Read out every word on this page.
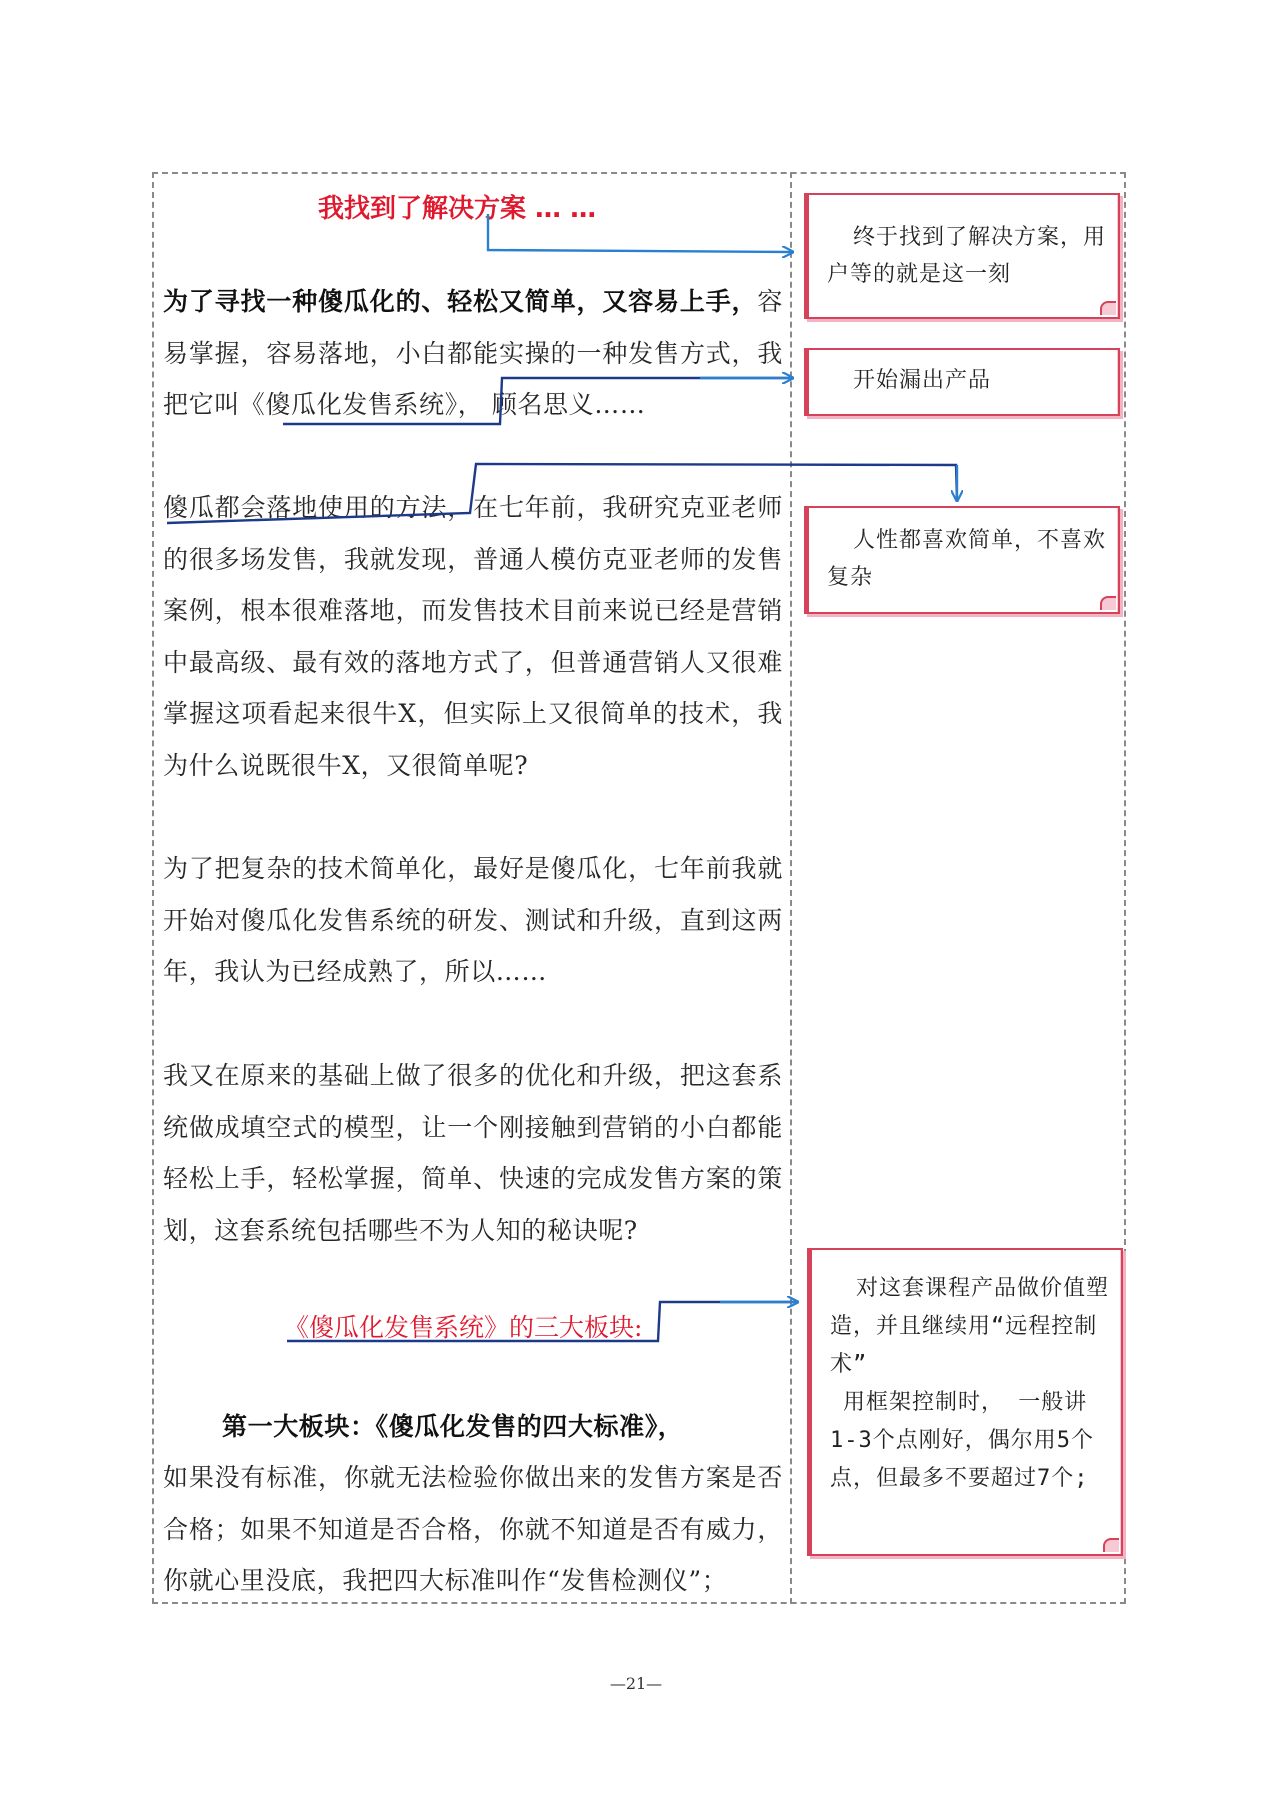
我找到了解决方案 … …

为了寻找一种傻瓜化的、轻松又简单，又容易上手，容易掌握，容易落地，小白都能实操的一种发售方式，我把它叫《傻瓜化发售系统》， 顾名思义……

傻瓜都会落地使用的方法，在七年前，我研究克亚老师的很多场发售，我就发现，普通人模仿克亚老师的发售案例，根本很难落地，而发售技术目前来说已经是营销中最高级、最有效的落地方式了，但普通营销人又很难掌握这项看起来很牛X，但实际上又很简单的技术，我为什么说既很牛X，又很简单呢?

为了把复杂的技术简单化，最好是傻瓜化，七年前我就开始对傻瓜化发售系统的研发、测试和升级，直到这两年，我认为已经成熟了，所以……

我又在原来的基础上做了很多的优化和升级，把这套系统做成填空式的模型，让一个刚接触到营销的小白都能轻松上手，轻松掌握，简单、快速的完成发售方案的策划，这套系统包括哪些不为人知的秘诀呢?

《傻瓜化发售系统》的三大板块:
第一大板块：《傻瓜化发售的四大标准》，

如果没有标准，你就无法检验你做出来的发售方案是否合格；如果不知道是否合格，你就不知道是否有威力，你就心里没底，我把四大标准叫作“发售检测仪”；

终于找到了解决方案，用户等的就是这一刻
开始漏出产品
人性都喜欢简单，不喜欢复杂
对这套课程产品做价值塑造，并且继续用“远程控制术”
用框架控制时， 一般讲1-3个点刚好，偶尔用5个点，但最多不要超过7个;
—21—
